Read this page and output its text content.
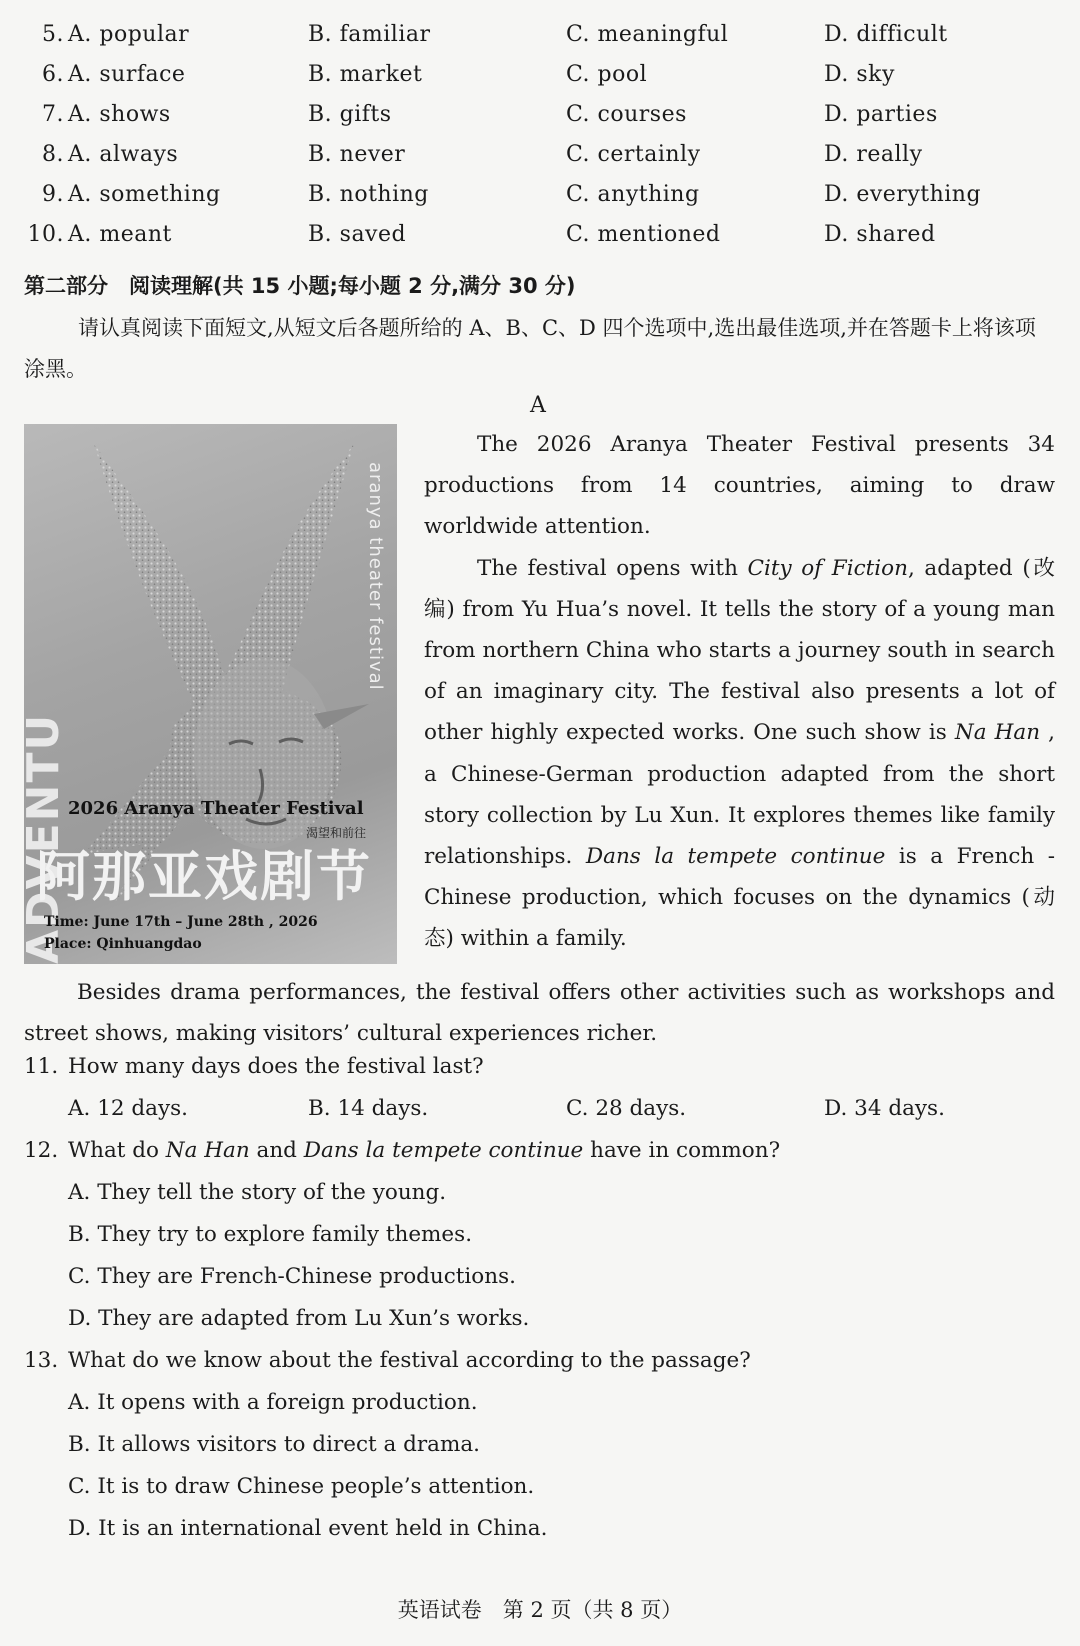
5. A. popular	B. familiar	C. meaningful	D. difficult
6. A. surface	B. market	C. pool	D. sky
7. A. shows	B. gifts	C. courses	D. parties
8. A. always	B. never	C. certainly	D. really
9. A. something	B. nothing	C. anything	D. everything
10. A. meant	B. saved	C. mentioned	D. shared
第二部分　阅读理解(共 15 小题;每小题 2 分,满分 30 分)
请认真阅读下面短文,从短文后各题所给的 A、B、C、D 四个选项中,选出最佳选项,并在答题卡上将该项涂黑。
A
ADVENTU
aranya theater festival
2026 Aranya Theater Festival
渴望和前往
阿那亚戏剧节
Time: June 17th – June 28th , 2026
Place: Qinhuangdao

The 2026 Aranya Theater Festival presents 34 productions from 14 countries, aiming to draw worldwide attention.

The festival opens with City of Fiction, adapted (改编) from Yu Hua’s novel. It tells the story of a young man from northern China who starts a journey south in search of an imaginary city. The festival also presents a lot of other highly expected works. One such show is Na Han , a Chinese-German production adapted from the short story collection by Lu Xun. It explores themes like family relationships. Dans la tempete continue is a French - Chinese production, which focuses on the dynamics (动态) within a family.

Besides drama performances, the festival offers other activities such as workshops and street shows, making visitors’ cultural experiences richer.

11. How many days does the festival last?
A. 12 days.	B. 14 days.	C. 28 days.	D. 34 days.
12. What do Na Han and Dans la tempete continue have in common?
A. They tell the story of the young.
B. They try to explore family themes.
C. They are French-Chinese productions.
D. They are adapted from Lu Xun’s works.
13. What do we know about the festival according to the passage?
A. It opens with a foreign production.
B. It allows visitors to direct a drama.
C. It is to draw Chinese people’s attention.
D. It is an international event held in China.
英语试卷　第 2 页（共 8 页）
